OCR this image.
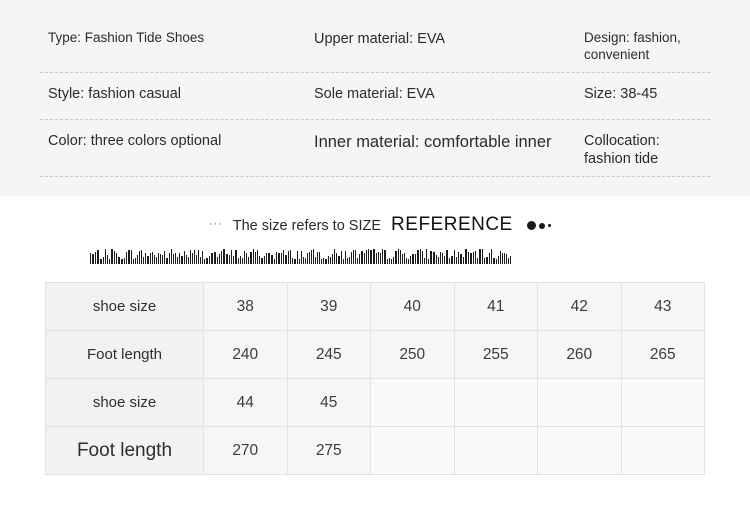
Type: Fashion Tide Shoes	Upper material: EVA	Design: fashion, convenient
Style: fashion casual	Sole material: EVA	Size: 38-45
Color: three colors optional	Inner material: comfortable inner	Collocation: fashion tide
··· The size refers to SIZE REFERENCE
shoe size	38	39	40	41	42	43
Foot length	240	245	250	255	260	265
shoe size	44	45				
Foot length	270	275				
